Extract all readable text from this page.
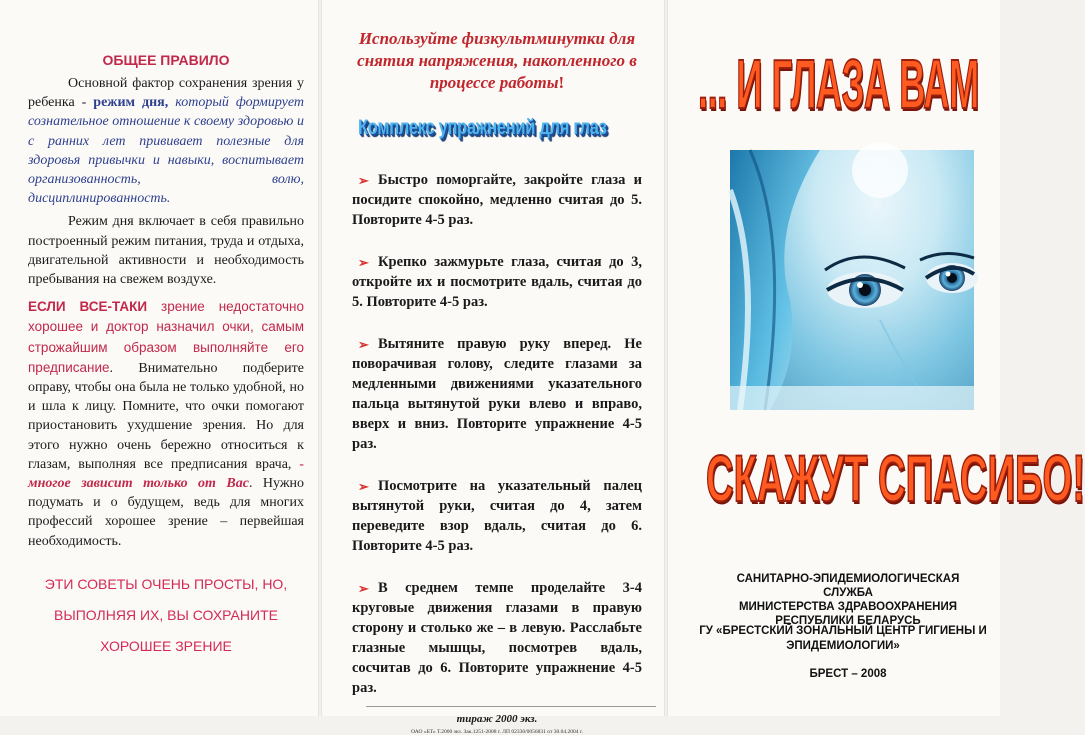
ОБЩЕЕ ПРАВИЛО

Основной фактор сохранения зрения у ребенка - режим дня, который формирует сознательное отношение к своему здоровью и с ранних лет прививает полезные для здоровья привычки и навыки, воспитывает организованность, волю, дисциплинированность.

Режим дня включает в себя правильно построенный режим питания, труда и отдыха, двигательной активности и необходимость пребывания на свежем воздухе.

ЕСЛИ ВСЕ-ТАКИ зрение недостаточно хорошее и доктор назначил очки, самым строжайшим образом выполняйте его предписание. Внимательно подберите оправу, чтобы она была не только удобной, но и шла к лицу. Помните, что очки помогают приостановить ухудшение зрения. Но для этого нужно очень бережно относиться к глазам, выполняя все предписания врача, - многое зависит только от Вас. Нужно подумать и о будущем, ведь для многих профессий хорошее зрение – первейшая необходимость.

ЭТИ СОВЕТЫ ОЧЕНЬ ПРОСТЫ, НО,
ВЫПОЛНЯЯ ИХ, ВЫ СОХРАНИТЕ
ХОРОШЕЕ ЗРЕНИЕ

Используйте физкультминутки для снятия напряжения, накопленного в процессе работы!

Комплекс упражнений для глаз

➢ Быстро поморгайте, закройте глаза и посидите спокойно, медленно считая до 5. Повторите 4-5 раз.

➢ Крепко зажмурьте глаза, считая до 3, откройте их и посмотрите вдаль, считая до 5. Повторите 4-5 раз.

➢ Вытяните правую руку вперед. Не поворачивая голову, следите глазами за медленными движениями указательного пальца вытянутой руки влево и вправо, вверх и вниз. Повторите упражнение 4-5 раз.

➢ Посмотрите на указательный палец вытянутой руки, считая до 4, затем переведите взор вдаль, считая до 6. Повторите 4-5 раз.

➢ В среднем темпе проделайте 3-4 круговые движения глазами в правую сторону и столько же – в левую. Расслабьте глазные мышцы, посмотрев вдаль, сосчитав до 6. Повторите упражнение 4-5 раз.

тираж 2000 экз.

ОАО «БТ» Т.2000 экз. Зак.1251-2008 г. ЛП 02330/0056831 от 30.04.2004 г.

... И ГЛАЗА ВАМ
СКАЖУТ СПАСИБО!
САНИТАРНО-ЭПИДЕМИОЛОГИЧЕСКАЯ СЛУЖБА
МИНИСТЕРСТВА ЗДРАВООХРАНЕНИЯ
РЕСПУБЛИКИ БЕЛАРУСЬ
ГУ «БРЕСТСКИЙ ЗОНАЛЬНЫЙ ЦЕНТР ГИГИЕНЫ И
ЭПИДЕМИОЛОГИИ»
БРЕСТ – 2008
